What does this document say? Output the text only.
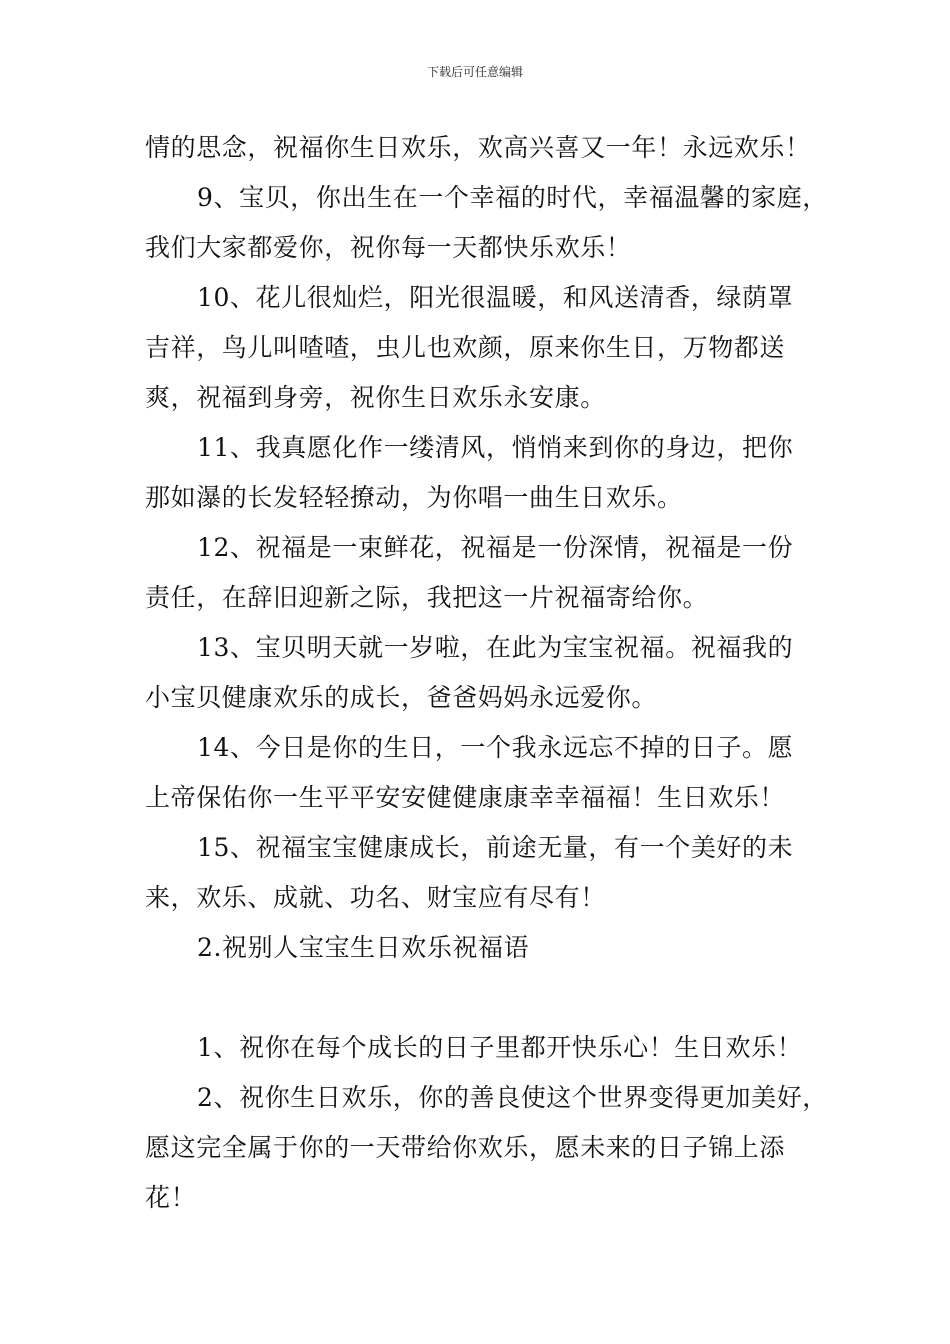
下载后可任意编辑
情的思念，祝福你生日欢乐，欢高兴喜又一年！永远欢乐！
9、宝贝，你出生在一个幸福的时代，幸福温馨的家庭，
我们大家都爱你，祝你每一天都快乐欢乐！
10、花儿很灿烂，阳光很温暖，和风送清香，绿荫罩
吉祥，鸟儿叫喳喳，虫儿也欢颜，原来你生日，万物都送
爽，祝福到身旁，祝你生日欢乐永安康。
11、我真愿化作一缕清风，悄悄来到你的身边，把你
那如瀑的长发轻轻撩动，为你唱一曲生日欢乐。
12、祝福是一束鲜花，祝福是一份深情，祝福是一份
责任，在辞旧迎新之际，我把这一片祝福寄给你。
13、宝贝明天就一岁啦，在此为宝宝祝福。祝福我的
小宝贝健康欢乐的成长，爸爸妈妈永远爱你。
14、今日是你的生日，一个我永远忘不掉的日子。愿
上帝保佑你一生平平安安健健康康幸幸福福！生日欢乐！
15、祝福宝宝健康成长，前途无量，有一个美好的未
来，欢乐、成就、功名、财宝应有尽有！
2.祝别人宝宝生日欢乐祝福语
1、祝你在每个成长的日子里都开快乐心！生日欢乐！
2、祝你生日欢乐，你的善良使这个世界变得更加美好，
愿这完全属于你的一天带给你欢乐，愿未来的日子锦上添
花！
